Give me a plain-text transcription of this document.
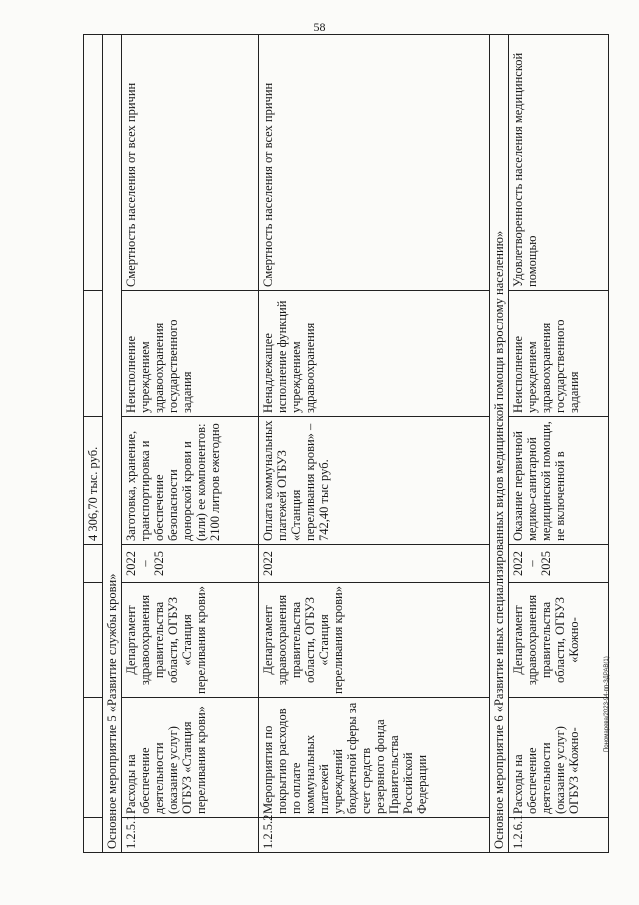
58
Пономарева/2023-94-пп-ЗДРАВ(1)
				4 306,70 тыс. руб.		
Основное мероприятие 5 «Развитие службы крови»						
1.2.5.1	Расходы на обеспечение деятельности (оказание услуг) ОГБУЗ «Станция переливания крови»	Департамент здравоохранения правительства области, ОГБУЗ «Станция переливания крови»	2022 – 2025	Заготовка, хранение, транспортировка и обеспечение безопасности донорской крови и (или) ее компонентов: 2100 литров ежегодно	Неисполнение учреждением здравоохранения государственного задания	Смертность населения от всех причин
1.2.5.2	Мероприятия по покрытию расходов по оплате коммунальных платежей учреждений бюджетной сферы за счет средств резервного фонда Правительства Российской Федерации	Департамент здравоохранения правительства области, ОГБУЗ «Станция переливания крови»	2022	Оплата коммунальных платежей ОГБУЗ «Станция переливания крови» – 742,40 тыс руб.	Ненадлежащее исполнение функций учреждением здравоохранения	Смертность населения от всех причин
Основное мероприятие 6 «Развитие иных специализированных видов медицинской помощи взрослому населению»						
1.2.6.1	Расходы на обеспечение деятельности (оказание услуг) ОГБУЗ «Кожно-	Департамент здравоохранения правительства области, ОГБУЗ «Кожно-	2022 – 2025	Оказание первичной медико-санитарной медицинской помощи, не включенной в	Неисполнение учреждением здравоохранения государственного задания	Удовлетворенность населения медицинской помощью
